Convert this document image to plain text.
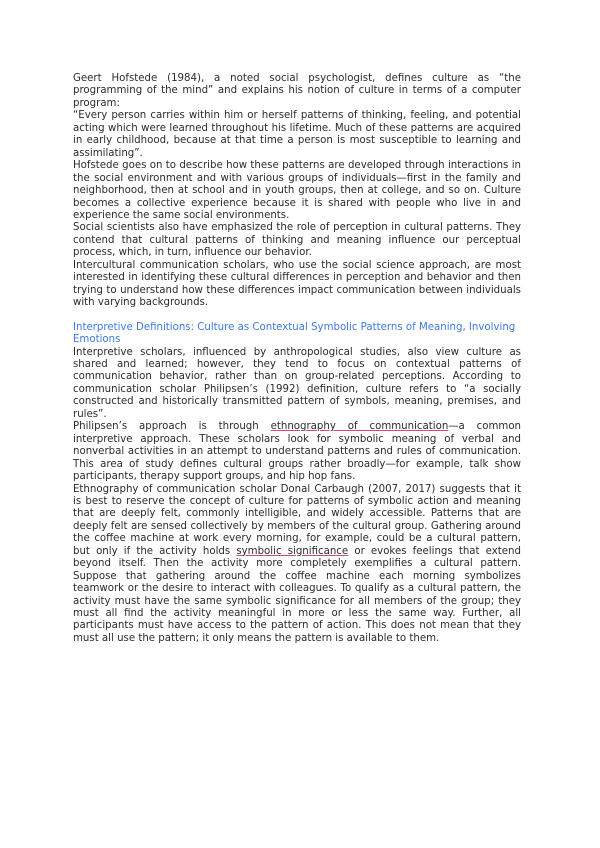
Geert Hofstede (1984), a noted social psychologist, defines culture as “the programming of the mind” and explains his notion of culture in terms of a computer program:

“Every person carries within him or herself patterns of thinking, feeling, and potential acting which were learned throughout his lifetime. Much of these patterns are acquired in early childhood, because at that time a person is most susceptible to learning and assimilating”.

Hofstede goes on to describe how these patterns are developed through interactions in the social environment and with various groups of individuals—first in the family and neighborhood, then at school and in youth groups, then at college, and so on. Culture becomes a collective experience because it is shared with people who live in and experience the same social environments.

Social scientists also have emphasized the role of perception in cultural patterns. They contend that cultural patterns of thinking and meaning influence our perceptual process, which, in turn, influence our behavior.

Intercultural communication scholars, who use the social science approach, are most interested in identifying these cultural differences in perception and behavior and then trying to understand how these differences impact communication between individuals with varying backgrounds.

Interpretive Definitions: Culture as Contextual Symbolic Patterns of Meaning, Involving Emotions

Interpretive scholars, influenced by anthropological studies, also view culture as shared and learned; however, they tend to focus on contextual patterns of communication behavior, rather than on group-related perceptions. According to communication scholar Philipsen’s (1992) definition, culture refers to “a socially constructed and historically transmitted pattern of symbols, meaning, premises, and rules”.

Philipsen’s approach is through ethnography of communication—a common interpretive approach. These scholars look for symbolic meaning of verbal and nonverbal activities in an attempt to understand patterns and rules of communication. This area of study defines cultural groups rather broadly—for example, talk show participants, therapy support groups, and hip hop fans.

Ethnography of communication scholar Donal Carbaugh (2007, 2017) suggests that it is best to reserve the concept of culture for patterns of symbolic action and meaning that are deeply felt, commonly intelligible, and widely accessible. Patterns that are deeply felt are sensed collectively by members of the cultural group. Gathering around the coffee machine at work every morning, for example, could be a cultural pattern, but only if the activity holds symbolic significance or evokes feelings that extend beyond itself. Then the activity more completely exemplifies a cultural pattern. Suppose that gathering around the coffee machine each morning symbolizes teamwork or the desire to interact with colleagues. To qualify as a cultural pattern, the activity must have the same symbolic significance for all members of the group; they must all find the activity meaningful in more or less the same way. Further, all participants must have access to the pattern of action. This does not mean that they must all use the pattern; it only means the pattern is available to them.
